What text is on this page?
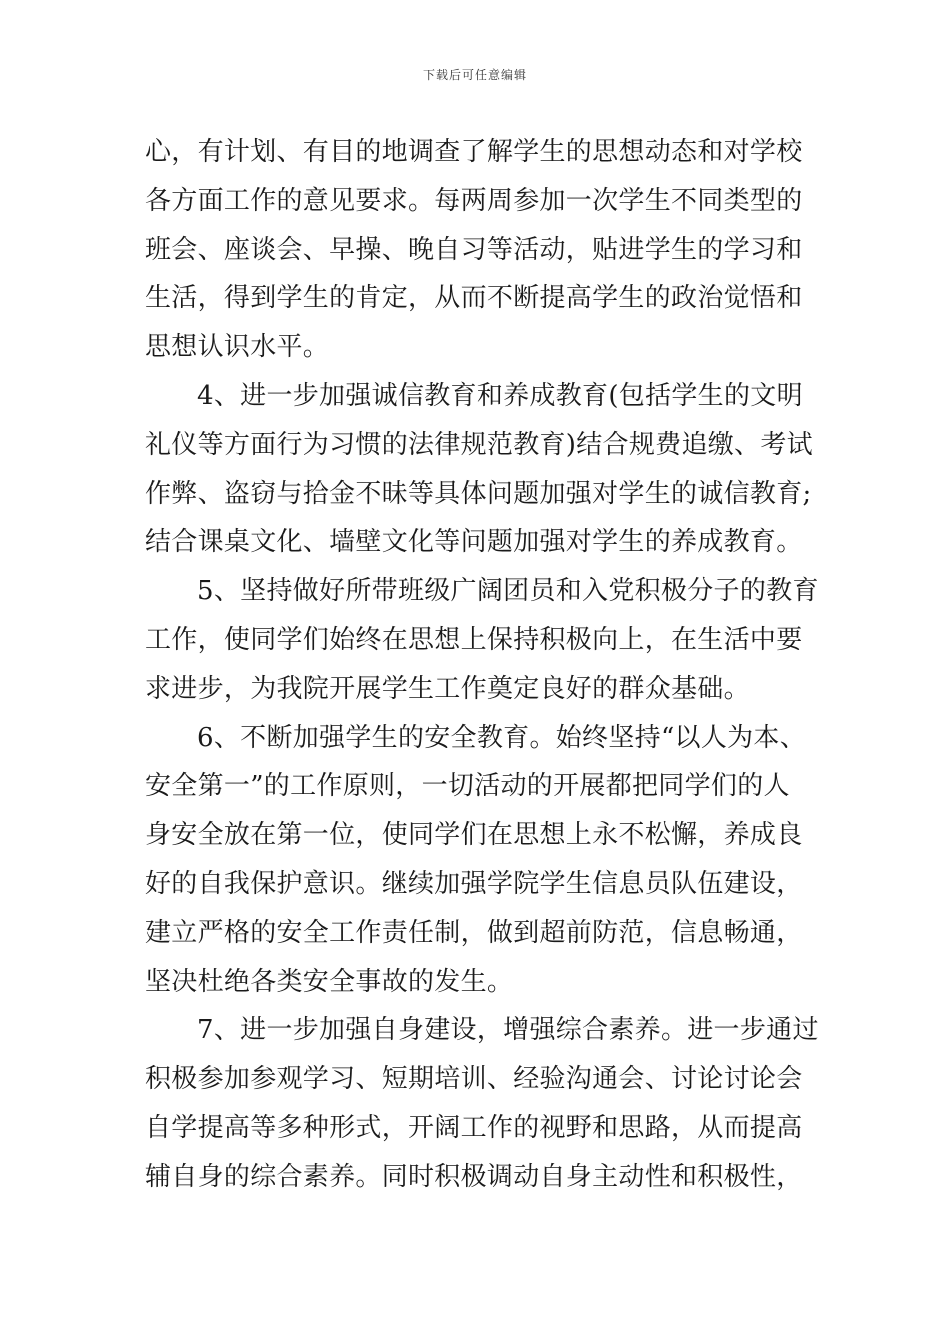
下载后可任意编辑
心，有计划、有目的地调查了解学生的思想动态和对学校
各方面工作的意见要求。每两周参加一次学生不同类型的
班会、座谈会、早操、晚自习等活动，贴进学生的学习和
生活，得到学生的肯定，从而不断提高学生的政治觉悟和
思想认识水平。
4、进一步加强诚信教育和养成教育(包括学生的文明
礼仪等方面行为习惯的法律规范教育)结合规费追缴、考试
作弊、盗窃与拾金不昧等具体问题加强对学生的诚信教育;
结合课桌文化、墙壁文化等问题加强对学生的养成教育。
5、坚持做好所带班级广阔团员和入党积极分子的教育
工作，使同学们始终在思想上保持积极向上，在生活中要
求进步，为我院开展学生工作奠定良好的群众基础。
6、不断加强学生的安全教育。始终坚持“以人为本、
安全第一”的工作原则，一切活动的开展都把同学们的人
身安全放在第一位，使同学们在思想上永不松懈，养成良
好的自我保护意识。继续加强学院学生信息员队伍建设，
建立严格的安全工作责任制，做到超前防范，信息畅通，
坚决杜绝各类安全事故的发生。
7、进一步加强自身建设，增强综合素养。进一步通过
积极参加参观学习、短期培训、经验沟通会、讨论讨论会
自学提高等多种形式，开阔工作的视野和思路，从而提高
辅自身的综合素养。同时积极调动自身主动性和积极性，
